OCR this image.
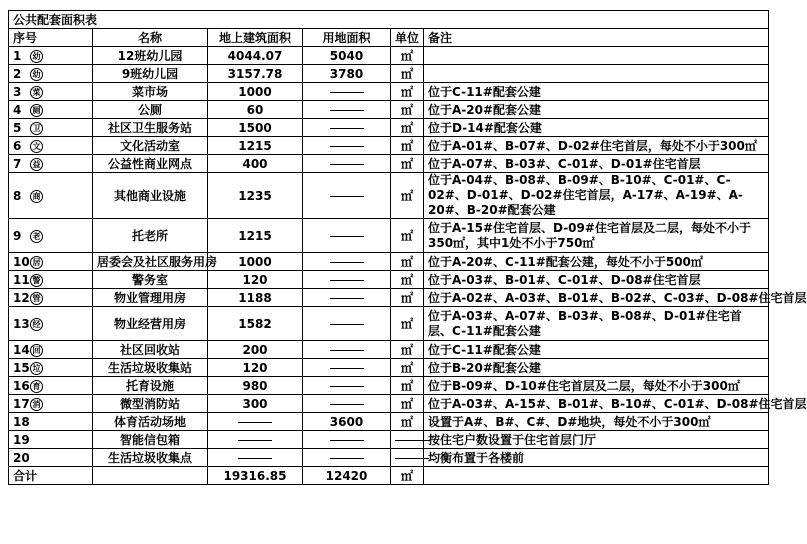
公共配套面积表					
序号	名称	地上建筑面积	用地面积	单位	备注
1 幼	12班幼儿园	4044.07	5040	㎡	
2 幼	9班幼儿园	3157.78	3780	㎡	
3 菜	菜市场	1000		㎡	位于C-11#配套公建
4 厕	公厕	60		㎡	位于A-20#配套公建
5 卫	社区卫生服务站	1500		㎡	位于D-14#配套公建
6 文	文化活动室	1215		㎡	位于A-01#、B-07#、D-02#住宅首层，每处不小于300㎡
7 益	公益性商业网点	400		㎡	位于A-07#、B-03#、C-01#、D-01#住宅首层
8 商	其他商业设施	1235		㎡	位于A-04#、B-08#、B-09#、B-10#、C-01#、C-02#、D-01#、D-02#住宅首层，A-17#、A-19#、A-20#、B-20#配套公建
9 老	托老所	1215		㎡	位于A-15#住宅首层、D-09#住宅首层及二层，每处不小于350㎡，其中1处不小于750㎡
10 居	居委会及社区服务用房	1000		㎡	位于A-20#、C-11#配套公建，每处不小于500㎡
11 警	警务室	120		㎡	位于A-03#、B-01#、C-01#、D-08#住宅首层
12 管	物业管理用房	1188		㎡	位于A-02#、A-03#、B-01#、B-02#、C-03#、D-08#住宅首层
13 经	物业经营用房	1582		㎡	位于A-03#、A-07#、B-03#、B-08#、D-01#住宅首层、C-11#配套公建
14 回	社区回收站	200		㎡	位于C-11#配套公建
15 垃	生活垃圾收集站	120		㎡	位于B-20#配套公建
16 育	托育设施	980		㎡	位于B-09#、D-10#住宅首层及二层，每处不小于300㎡
17 消	微型消防站	300		㎡	位于A-03#、A-15#、B-01#、B-10#、C-01#、D-08#住宅首层
18	体育活动场地		3600	㎡	设置于A#、B#、C#、D#地块，每处不小于300㎡
19	智能信包箱				按住宅户数设置于住宅首层门厅
20	生活垃圾收集点				均衡布置于各楼前
合计		19316.85	12420	㎡	
